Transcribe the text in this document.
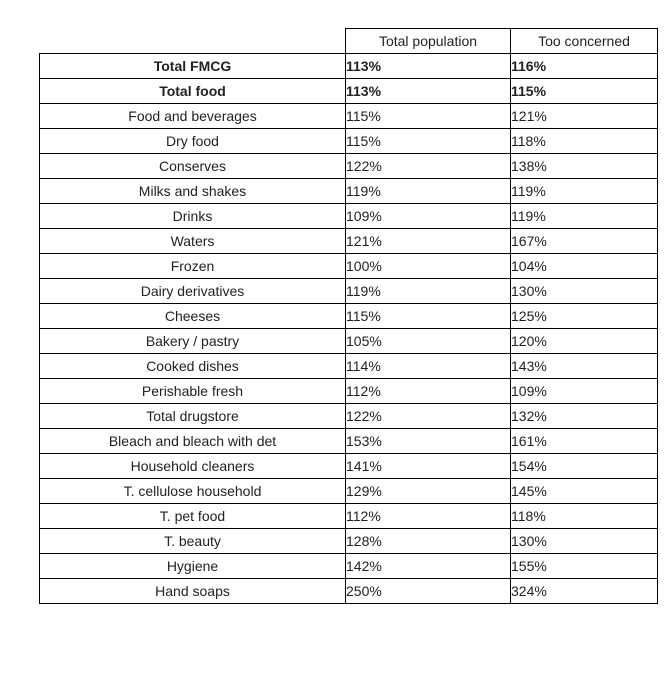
	Total population	Too concerned
Total FMCG	113%	116%
Total food	113%	115%
Food and beverages	115%	121%
Dry food	115%	118%
Conserves	122%	138%
Milks and shakes	119%	119%
Drinks	109%	119%
Waters	121%	167%
Frozen	100%	104%
Dairy derivatives	119%	130%
Cheeses	115%	125%
Bakery / pastry	105%	120%
Cooked dishes	114%	143%
Perishable fresh	112%	109%
Total drugstore	122%	132%
Bleach and bleach with det	153%	161%
Household cleaners	141%	154%
T. cellulose household	129%	145%
T. pet food	112%	118%
T. beauty	128%	130%
Hygiene	142%	155%
Hand soaps	250%	324%
